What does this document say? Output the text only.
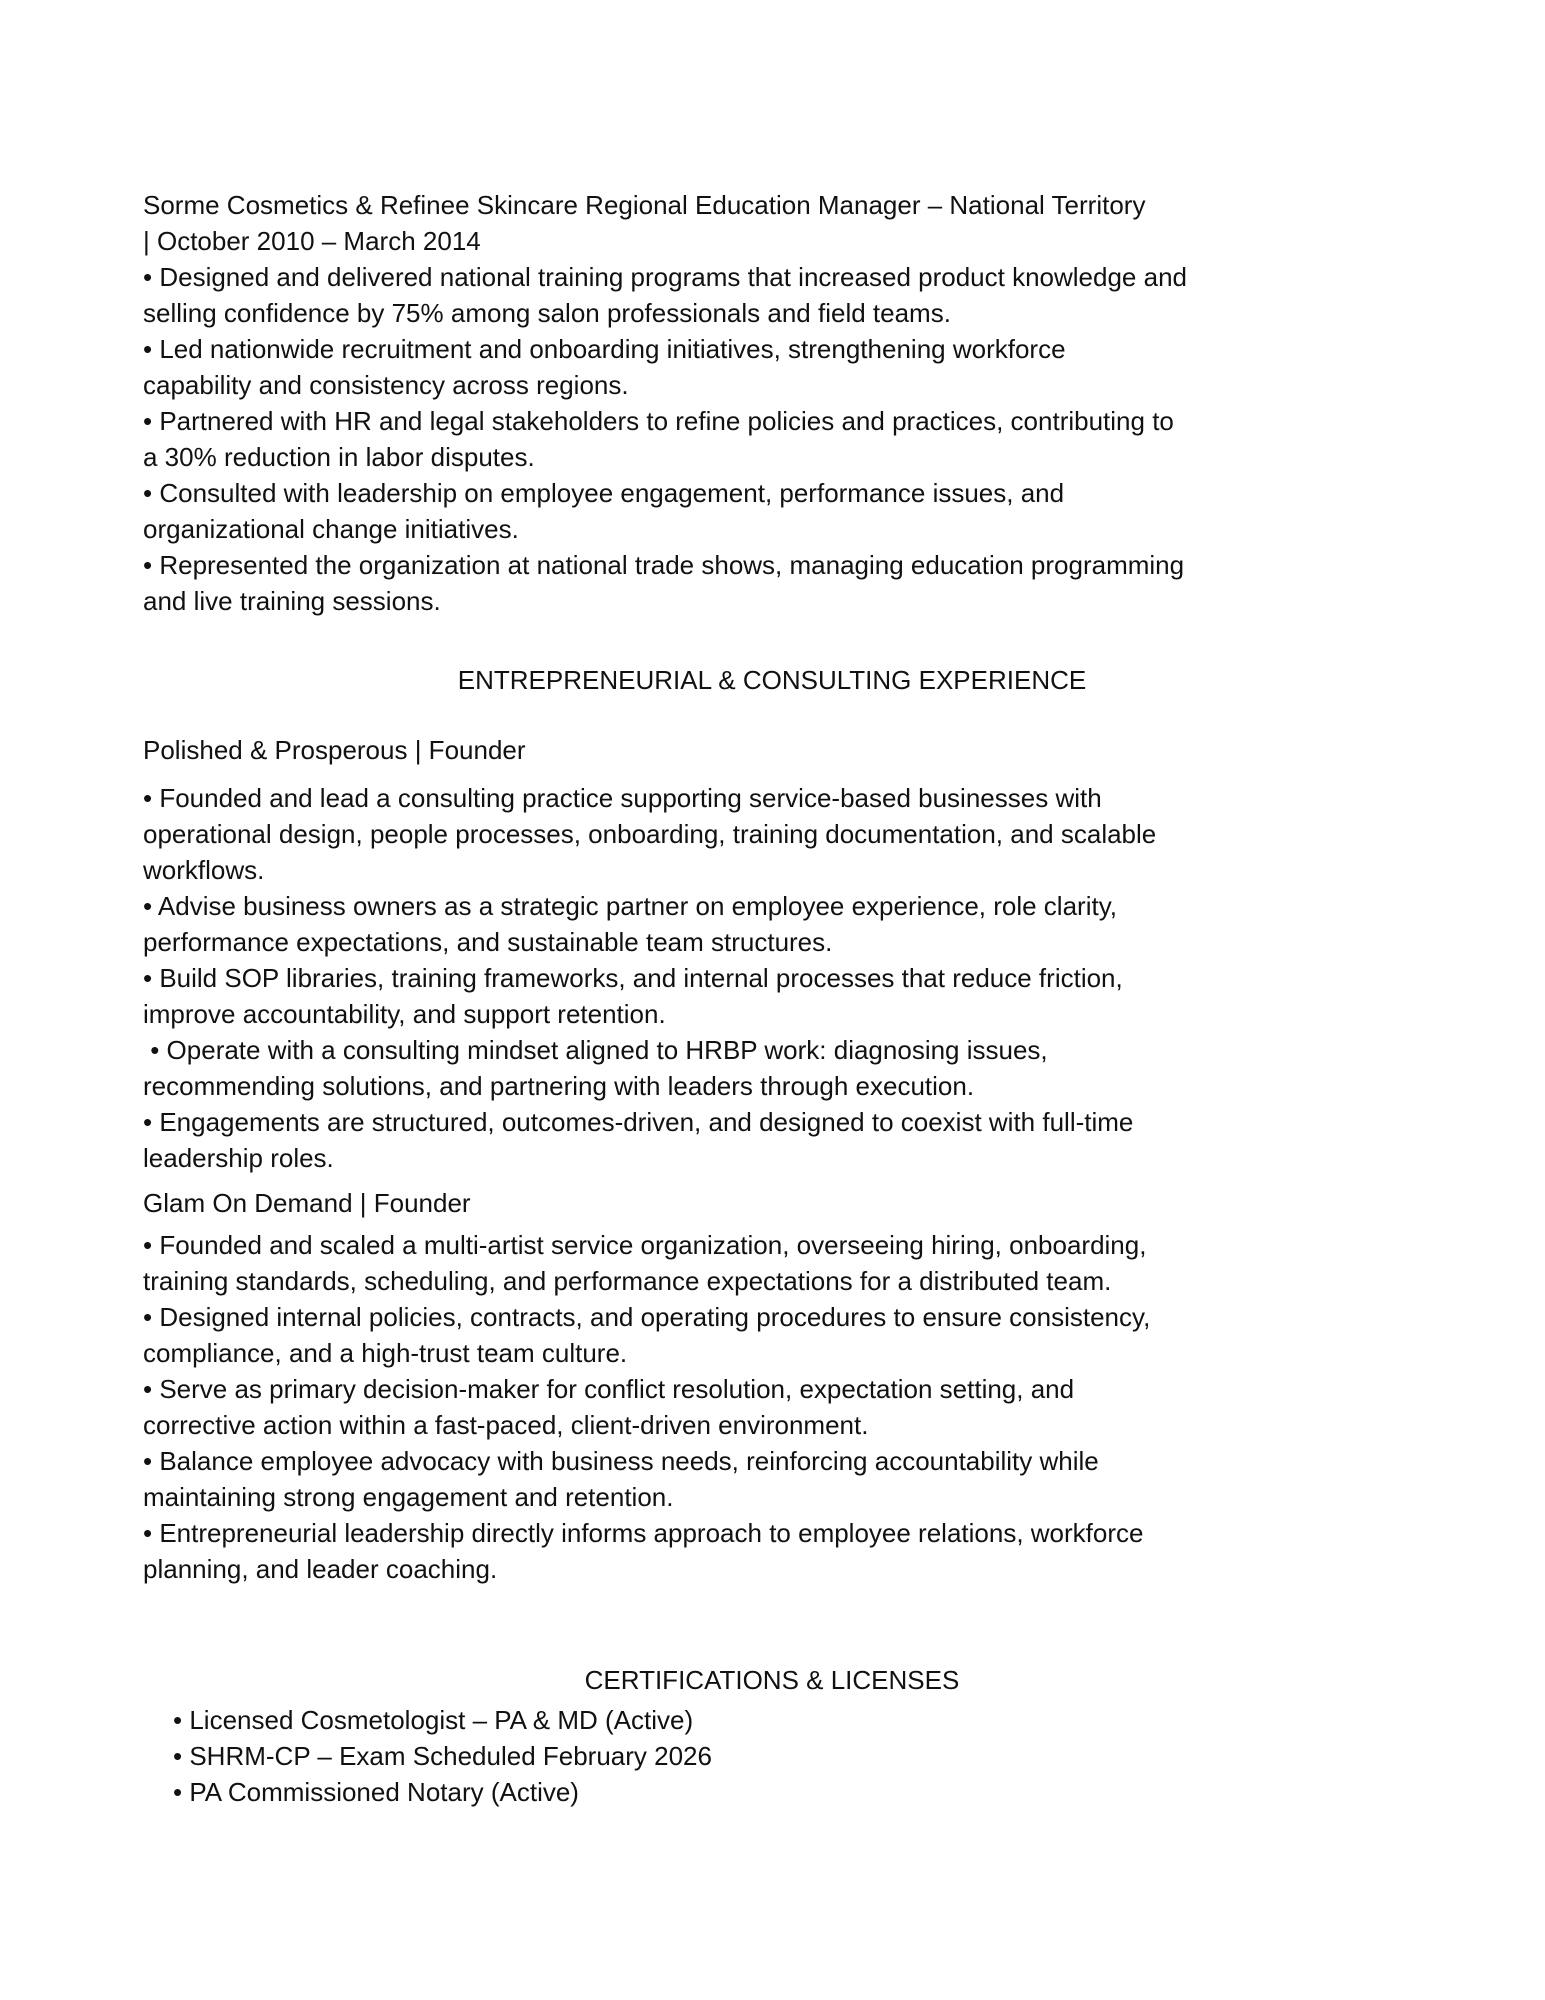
Sorme Cosmetics & Refinee Skincare Regional Education Manager – National Territory
| October 2010 – March 2014

• Designed and delivered national training programs that increased product knowledge and
selling confidence by 75% among salon professionals and field teams.

• Led nationwide recruitment and onboarding initiatives, strengthening workforce
capability and consistency across regions.

• Partnered with HR and legal stakeholders to refine policies and practices, contributing to
a 30% reduction in labor disputes.

• Consulted with leadership on employee engagement, performance issues, and
organizational change initiatives.

• Represented the organization at national trade shows, managing education programming
and live training sessions.

ENTREPRENEURIAL & CONSULTING EXPERIENCE

Polished & Prosperous | Founder

• Founded and lead a consulting practice supporting service-based businesses with
operational design, people processes, onboarding, training documentation, and scalable
workflows.

• Advise business owners as a strategic partner on employee experience, role clarity,
performance expectations, and sustainable team structures.

• Build SOP libraries, training frameworks, and internal processes that reduce friction,
improve accountability, and support retention.

• Operate with a consulting mindset aligned to HRBP work: diagnosing issues,
recommending solutions, and partnering with leaders through execution.

• Engagements are structured, outcomes-driven, and designed to coexist with full-time
leadership roles.

Glam On Demand | Founder

• Founded and scaled a multi-artist service organization, overseeing hiring, onboarding,
training standards, scheduling, and performance expectations for a distributed team.

• Designed internal policies, contracts, and operating procedures to ensure consistency,
compliance, and a high-trust team culture.

• Serve as primary decision-maker for conflict resolution, expectation setting, and
corrective action within a fast-paced, client-driven environment.

• Balance employee advocacy with business needs, reinforcing accountability while
maintaining strong engagement and retention.

• Entrepreneurial leadership directly informs approach to employee relations, workforce
planning, and leader coaching.

CERTIFICATIONS & LICENSES

• Licensed Cosmetologist – PA & MD (Active)

• SHRM-CP – Exam Scheduled February 2026

• PA Commissioned Notary (Active)
